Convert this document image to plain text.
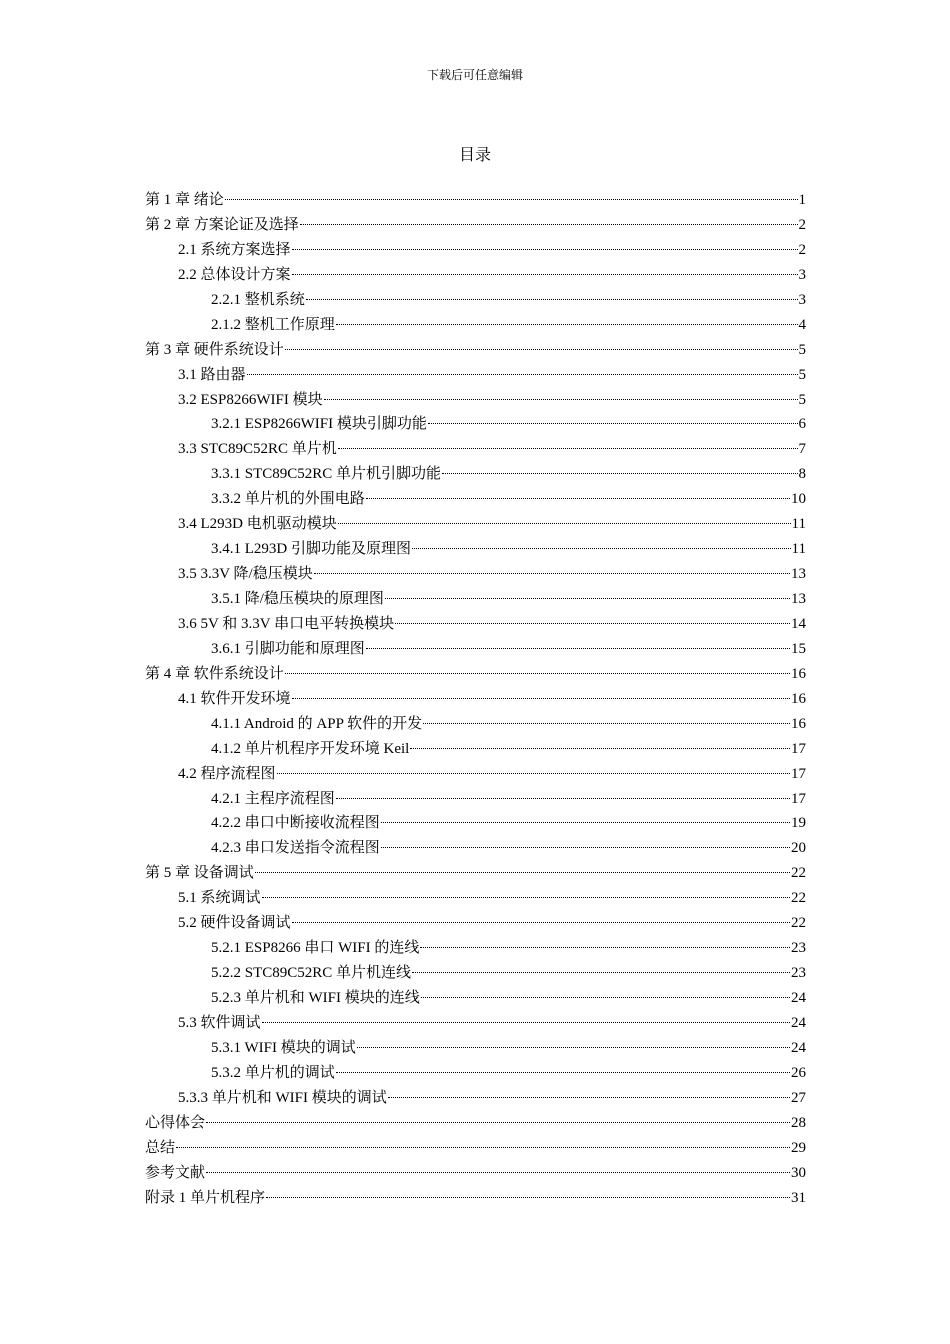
下载后可任意编辑
目录
第 1 章 绪论	1
第 2 章 方案论证及选择	2
2.1 系统方案选择	2
2.2 总体设计方案	3
2.2.1 整机系统	3
2.1.2 整机工作原理	4
第 3 章 硬件系统设计	5
3.1 路由器	5
3.2 ESP8266WIFI 模块	5
3.2.1 ESP8266WIFI 模块引脚功能	6
3.3 STC89C52RC 单片机	7
3.3.1 STC89C52RC 单片机引脚功能	8
3.3.2 单片机的外围电路	10
3.4 L293D 电机驱动模块	11
3.4.1 L293D 引脚功能及原理图	11
3.5 3.3V 降/稳压模块	13
3.5.1 降/稳压模块的原理图	13
3.6 5V 和 3.3V 串口电平转换模块	14
3.6.1 引脚功能和原理图	15
第 4 章 软件系统设计	16
4.1 软件开发环境	16
4.1.1 Android 的 APP 软件的开发	16
4.1.2 单片机程序开发环境 Keil	17
4.2 程序流程图	17
4.2.1 主程序流程图	17
4.2.2 串口中断接收流程图	19
4.2.3 串口发送指令流程图	20
第 5 章 设备调试	22
5.1 系统调试	22
5.2 硬件设备调试	22
5.2.1 ESP8266 串口 WIFI 的连线	23
5.2.2 STC89C52RC 单片机连线	23
5.2.3 单片机和 WIFI 模块的连线	24
5.3 软件调试	24
5.3.1 WIFI 模块的调试	24
5.3.2 单片机的调试	26
5.3.3 单片机和 WIFI 模块的调试	27
心得体会	28
总结	29
参考文献	30
附录 1 单片机程序	31
